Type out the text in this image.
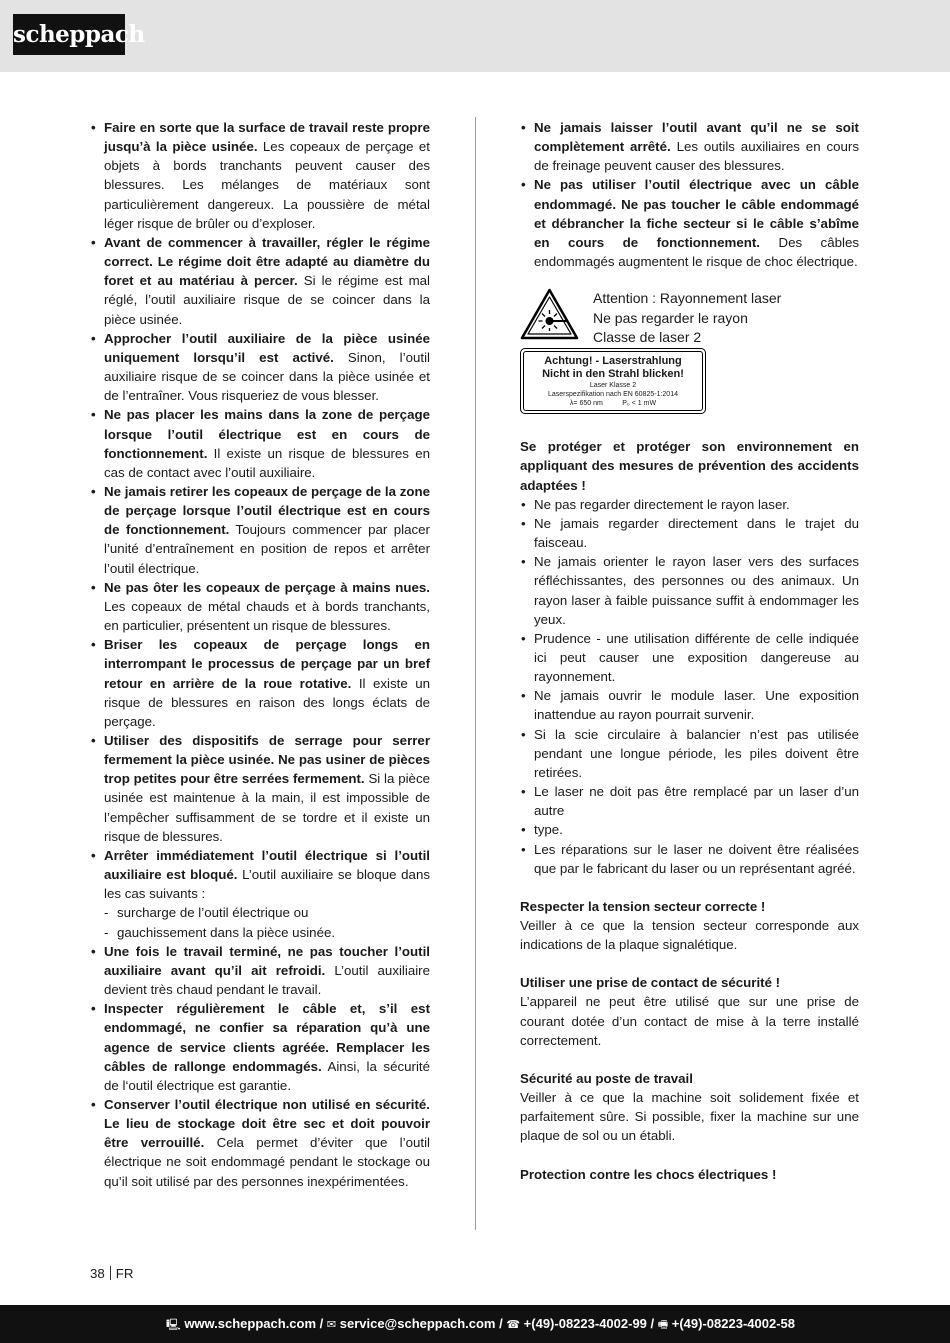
scheppach
• Faire en sorte que la surface de travail reste propre jusqu’à la pièce usinée. Les copeaux de perçage et objets à bords tranchants peuvent causer des blessures. Les mélanges de matériaux sont particulièrement dangereux. La poussière de métal léger risque de brûler ou d’exploser.
• Avant de commencer à travailler, régler le régime correct. Le régime doit être adapté au diamètre du foret et au matériau à percer. Si le régime est mal réglé, l’outil auxiliaire risque de se coincer dans la pièce usinée.
• Approcher l’outil auxiliaire de la pièce usinée uniquement lorsqu’il est activé. Sinon, l’outil auxiliaire risque de se coincer dans la pièce usinée et de l’entraîner. Vous risqueriez de vous blesser.
• Ne pas placer les mains dans la zone de perçage lorsque l’outil électrique est en cours de fonctionnement. Il existe un risque de blessures en cas de contact avec l’outil auxiliaire.
• Ne jamais retirer les copeaux de perçage de la zone de perçage lorsque l’outil électrique est en cours de fonctionnement. Toujours commencer par placer l’unité d’entraînement en position de repos et arrêter l’outil électrique.
• Ne pas ôter les copeaux de perçage à mains nues. Les copeaux de métal chauds et à bords tranchants, en particulier, présentent un risque de blessures.
• Briser les copeaux de perçage longs en interrompant le processus de perçage par un bref retour en arrière de la roue rotative. Il existe un risque de blessures en raison des longs éclats de perçage.
• Utiliser des dispositifs de serrage pour serrer fermement la pièce usinée. Ne pas usiner de pièces trop petites pour être serrées fermement. Si la pièce usinée est maintenue à la main, il est impossible de l’empêcher suffisamment de se tordre et il existe un risque de blessures.
• Arrêter immédiatement l’outil électrique si l’outil auxiliaire est bloqué. L’outil auxiliaire se bloque dans les cas suivants :
- surcharge de l’outil électrique ou
- gauchissement dans la pièce usinée.
• Une fois le travail terminé, ne pas toucher l’outil auxiliaire avant qu’il ait refroidi. L’outil auxiliaire devient très chaud pendant le travail.
• Inspecter régulièrement le câble et, s’il est endommagé, ne confier sa réparation qu’à une agence de service clients agréée. Remplacer les câbles de rallonge endommagés. Ainsi, la sécurité de l‘outil électrique est garantie.
• Conserver l’outil électrique non utilisé en sécurité. Le lieu de stockage doit être sec et doit pouvoir être verrouillé. Cela permet d’éviter que l’outil électrique ne soit endommagé pendant le stockage ou qu’il soit utilisé par des personnes inexpérimentées.
• Ne jamais laisser l’outil avant qu’il ne se soit complètement arrêté. Les outils auxiliaires en cours de freinage peuvent causer des blessures.
• Ne pas utiliser l’outil électrique avec un câble endommagé. Ne pas toucher le câble endommagé et débrancher la fiche secteur si le câble s’abîme en cours de fonctionnement. Des câbles endommagés augmentent le risque de choc électrique.
Attention : Rayonnement laser
Ne pas regarder le rayon
Classe de laser 2
Achtung! - Laserstrahlung
Nicht in den Strahl blicken!
Laser Klasse 2
Laserspezifikation nach EN 60825-1:2014
λ= 650 nm          P₀ < 1 mW

Se protéger et protéger son environnement en appliquant des mesures de prévention des accidents adaptées !

• Ne pas regarder directement le rayon laser.
• Ne jamais regarder directement dans le trajet du faisceau.
• Ne jamais orienter le rayon laser vers des surfaces réfléchissantes, des personnes ou des animaux. Un rayon laser à faible puissance suffit à endommager les yeux.
• Prudence - une utilisation différente de celle indiquée ici peut causer une exposition dangereuse au rayonnement.
• Ne jamais ouvrir le module laser. Une exposition inattendue au rayon pourrait survenir.
• Si la scie circulaire à balancier n’est pas utilisée pendant une longue période, les piles doivent être retirées.
• Le laser ne doit pas être remplacé par un laser d’un autre
• type.
• Les réparations sur le laser ne doivent être réalisées que par le fabricant du laser ou un représentant agréé.

Respecter la tension secteur correcte !

Veiller à ce que la tension secteur corresponde aux indications de la plaque signalétique.

Utiliser une prise de contact de sécurité !

L’appareil ne peut être utilisé que sur une prise de courant dotée d’un contact de mise à la terre installé correctement.

Sécurité au poste de travail

Veiller à ce que la machine soit solidement fixée et parfaitement sûre. Si possible, fixer la machine sur une plaque de sol ou un établi.

Protection contre les chocs électriques !

38 FR
🖳 www.scheppach.com / ✉ service@scheppach.com / ☎ +(49)-08223-4002-99 / 🖷 +(49)-08223-4002-58
